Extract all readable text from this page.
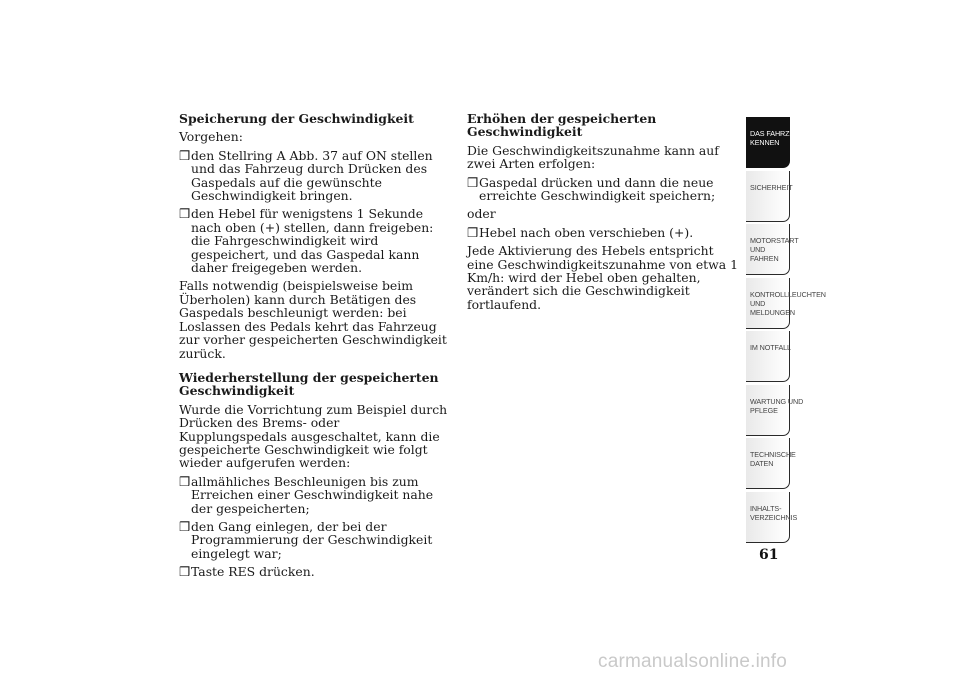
Speicherung der Geschwindigkeit

Vorgehen:

❒ den Stellring A Abb. 37 auf ON stellen und das Fahrzeug durch Drücken des Gaspedals auf die gewünschte Geschwindigkeit bringen.
❒ den Hebel für wenigstens 1 Sekunde nach oben (+) stellen, dann freigeben: die Fahrgeschwindigkeit wird gespeichert, und das Gaspedal kann daher freigegeben werden.

Falls notwendig (beispielsweise beim Überholen) kann durch Betätigen des Gaspedals beschleunigt werden: bei Loslassen des Pedals kehrt das Fahrzeug zur vorher gespeicherten Geschwindigkeit zurück.

Wiederherstellung der gespeicherten Geschwindigkeit

Wurde die Vorrichtung zum Beispiel durch Drücken des Brems- oder Kupplungspedals ausgeschaltet, kann die gespeicherte Geschwindigkeit wie folgt wieder aufgerufen werden:

❒ allmähliches Beschleunigen bis zum Erreichen einer Geschwindigkeit nahe der gespeicherten;
❒ den Gang einlegen, der bei der Programmierung der Geschwindigkeit eingelegt war;
❒ Taste RES drücken.
Erhöhen der gespeicherten Geschwindigkeit

Die Geschwindigkeitszunahme kann auf zwei Arten erfolgen:

❒ Gaspedal drücken und dann die neue erreichte Geschwindigkeit speichern;

oder

❒ Hebel nach oben verschieben (+).

Jede Aktivierung des Hebels entspricht eine Geschwindigkeitszunahme von etwa 1 Km/h: wird der Hebel oben gehalten, verändert sich die Geschwindigkeit fortlaufend.

DAS FAHRZEUG
KENNEN
SICHERHEIT
MOTORSTART UND
FAHREN
KONTROLLLEUCHTEN
UND MELDUNGEN
IM NOTFALL
WARTUNG UND
PFLEGE
TECHNISCHE
DATEN
INHALTS-
VERZEICHNIS
61
carmanualsonline.info
